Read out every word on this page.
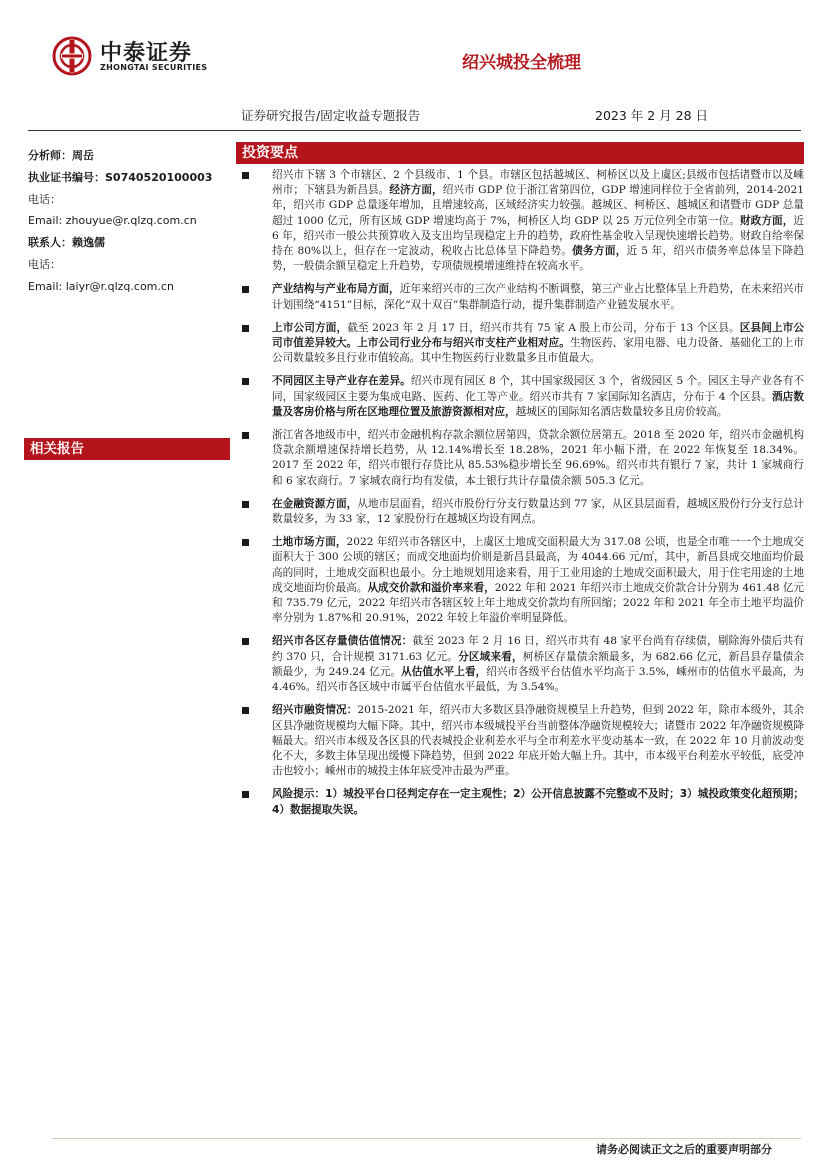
中泰证券
ZHONGTAI SECURITIES	绍兴城投全梳理
证券研究报告/固定收益专题报告	2023 年 2 月 28 日
分析师：周岳
执业证书编号：S0740520100003
电话：
Email: zhouyue@r.qlzq.com.cn
联系人：赖逸儒
电话：
Email: laiyr@r.qlzq.com.cn
相关报告
投资要点
绍兴市下辖 3 个市辖区、2 个县级市、1 个县。市辖区包括越城区、柯桥区以及上虞区;县级市包括诸暨市以及嵊州市；下辖县为新昌县。经济方面，绍兴市 GDP 位于浙江省第四位，GDP 增速同样位于全省前列，2014-2021 年，绍兴市 GDP 总量逐年增加，且增速较高，区域经济实力较强。越城区、柯桥区、越城区和诸暨市 GDP 总量超过 1000 亿元，所有区域 GDP 增速均高于 7%，柯桥区人均 GDP 以 25 万元位列全市第一位。财政方面，近 6 年，绍兴市一般公共预算收入及支出均呈现稳定上升的趋势，政府性基金收入呈现快速增长趋势。财政自给率保持在 80%以上，但存在一定波动，税收占比总体呈下降趋势。债务方面，近 5 年，绍兴市债务率总体呈下降趋势，一般债余额呈稳定上升趋势，专项债规模增速维持在较高水平。
产业结构与产业布局方面，近年来绍兴市的三次产业结构不断调整，第三产业占比整体呈上升趋势，在未来绍兴市计划围绕“4151”目标，深化“双十双百”集群制造行动，提升集群制造产业链发展水平。
上市公司方面，截至 2023 年 2 月 17 日，绍兴市共有 75 家 A 股上市公司，分布于 13 个区县。区县间上市公司市值差异较大。上市公司行业分布与绍兴市支柱产业相对应。生物医药、家用电器、电力设备、基础化工的上市公司数量较多且行业市值较高。其中生物医药行业数量多且市值最大。
不同园区主导产业存在差异。绍兴市现有园区 8 个，其中国家级园区 3 个，省级园区 5 个。园区主导产业各有不同，国家级园区主要为集成电路、医药、化工等产业。绍兴市共有 7 家国际知名酒店，分布于 4 个区县。酒店数量及客房价格与所在区地理位置及旅游资源相对应，越城区的国际知名酒店数量较多且房价较高。
浙江省各地级市中，绍兴市金融机构存款余额位居第四，贷款余额位居第五。2018 至 2020 年，绍兴市金融机构贷款余额增速保持增长趋势，从 12.14%增长至 18.28%，2021 年小幅下滑，在 2022 年恢复至 18.34%。2017 至 2022 年，绍兴市银行存贷比从 85.53%稳步增长至 96.69%。绍兴市共有银行 7 家，共计 1 家城商行和 6 家农商行。7 家城农商行均有发债，本土银行共计存量债余额 505.3 亿元。
在金融资源方面，从地市层面看，绍兴市股份行分支行数量达到 77 家，从区县层面看，越城区股份行分支行总计数量较多，为 33 家，12 家股份行在越城区均设有网点。
土地市场方面，2022 年绍兴市各辖区中，上虞区土地成交面积最大为 317.08 公顷，也是全市唯一一个土地成交面积大于 300 公顷的辖区；而成交地面均价则是新昌县最高，为 4044.66 元/㎡，其中，新昌县成交地面均价最高的同时，土地成交面积也最小。分土地规划用途来看，用于工业用途的土地成交面积最大，用于住宅用途的土地成交地面均价最高。从成交价款和溢价率来看，2022 年和 2021 年绍兴市土地成交价款合计分别为 461.48 亿元和 735.79 亿元，2022 年绍兴市各辖区较上年土地成交价款均有所回缩；2022 年和 2021 年全市土地平均溢价率分别为 1.87%和 20.91%，2022 年较上年溢价率明显降低。
绍兴市各区存量债估值情况：截至 2023 年 2 月 16 日，绍兴市共有 48 家平台尚有存续债，剔除海外债后共有约 370 只，合计规模 3171.63 亿元。分区域来看，柯桥区存量债余额最多，为 682.66 亿元，新昌县存量债余额最少，为 249.24 亿元。从估值水平上看，绍兴市各级平台估值水平均高于 3.5%，嵊州市的估值水平最高，为 4.46%。绍兴市各区域中市属平台估值水平最低，为 3.54%。
绍兴市融资情况：2015-2021 年，绍兴市大多数区县净融资规模呈上升趋势，但到 2022 年，除市本级外，其余区县净融资规模均大幅下降。其中，绍兴市本级城投平台当前整体净融资规模较大；诸暨市 2022 年净融资规模降幅最大。绍兴市本级及各区县的代表城投企业利差水平与全市利差水平变动基本一致，在 2022 年 10 月前波动变化不大，多数主体呈现出缓慢下降趋势，但到 2022 年底开始大幅上升。其中，市本级平台利差水平较低，底受冲击也较小；嵊州市的城投主体年底受冲击最为严重。
风险提示：1）城投平台口径判定存在一定主观性；2）公开信息披露不完整或不及时；3）城投政策变化超预期；4）数据提取失误。
请务必阅读正文之后的重要声明部分
